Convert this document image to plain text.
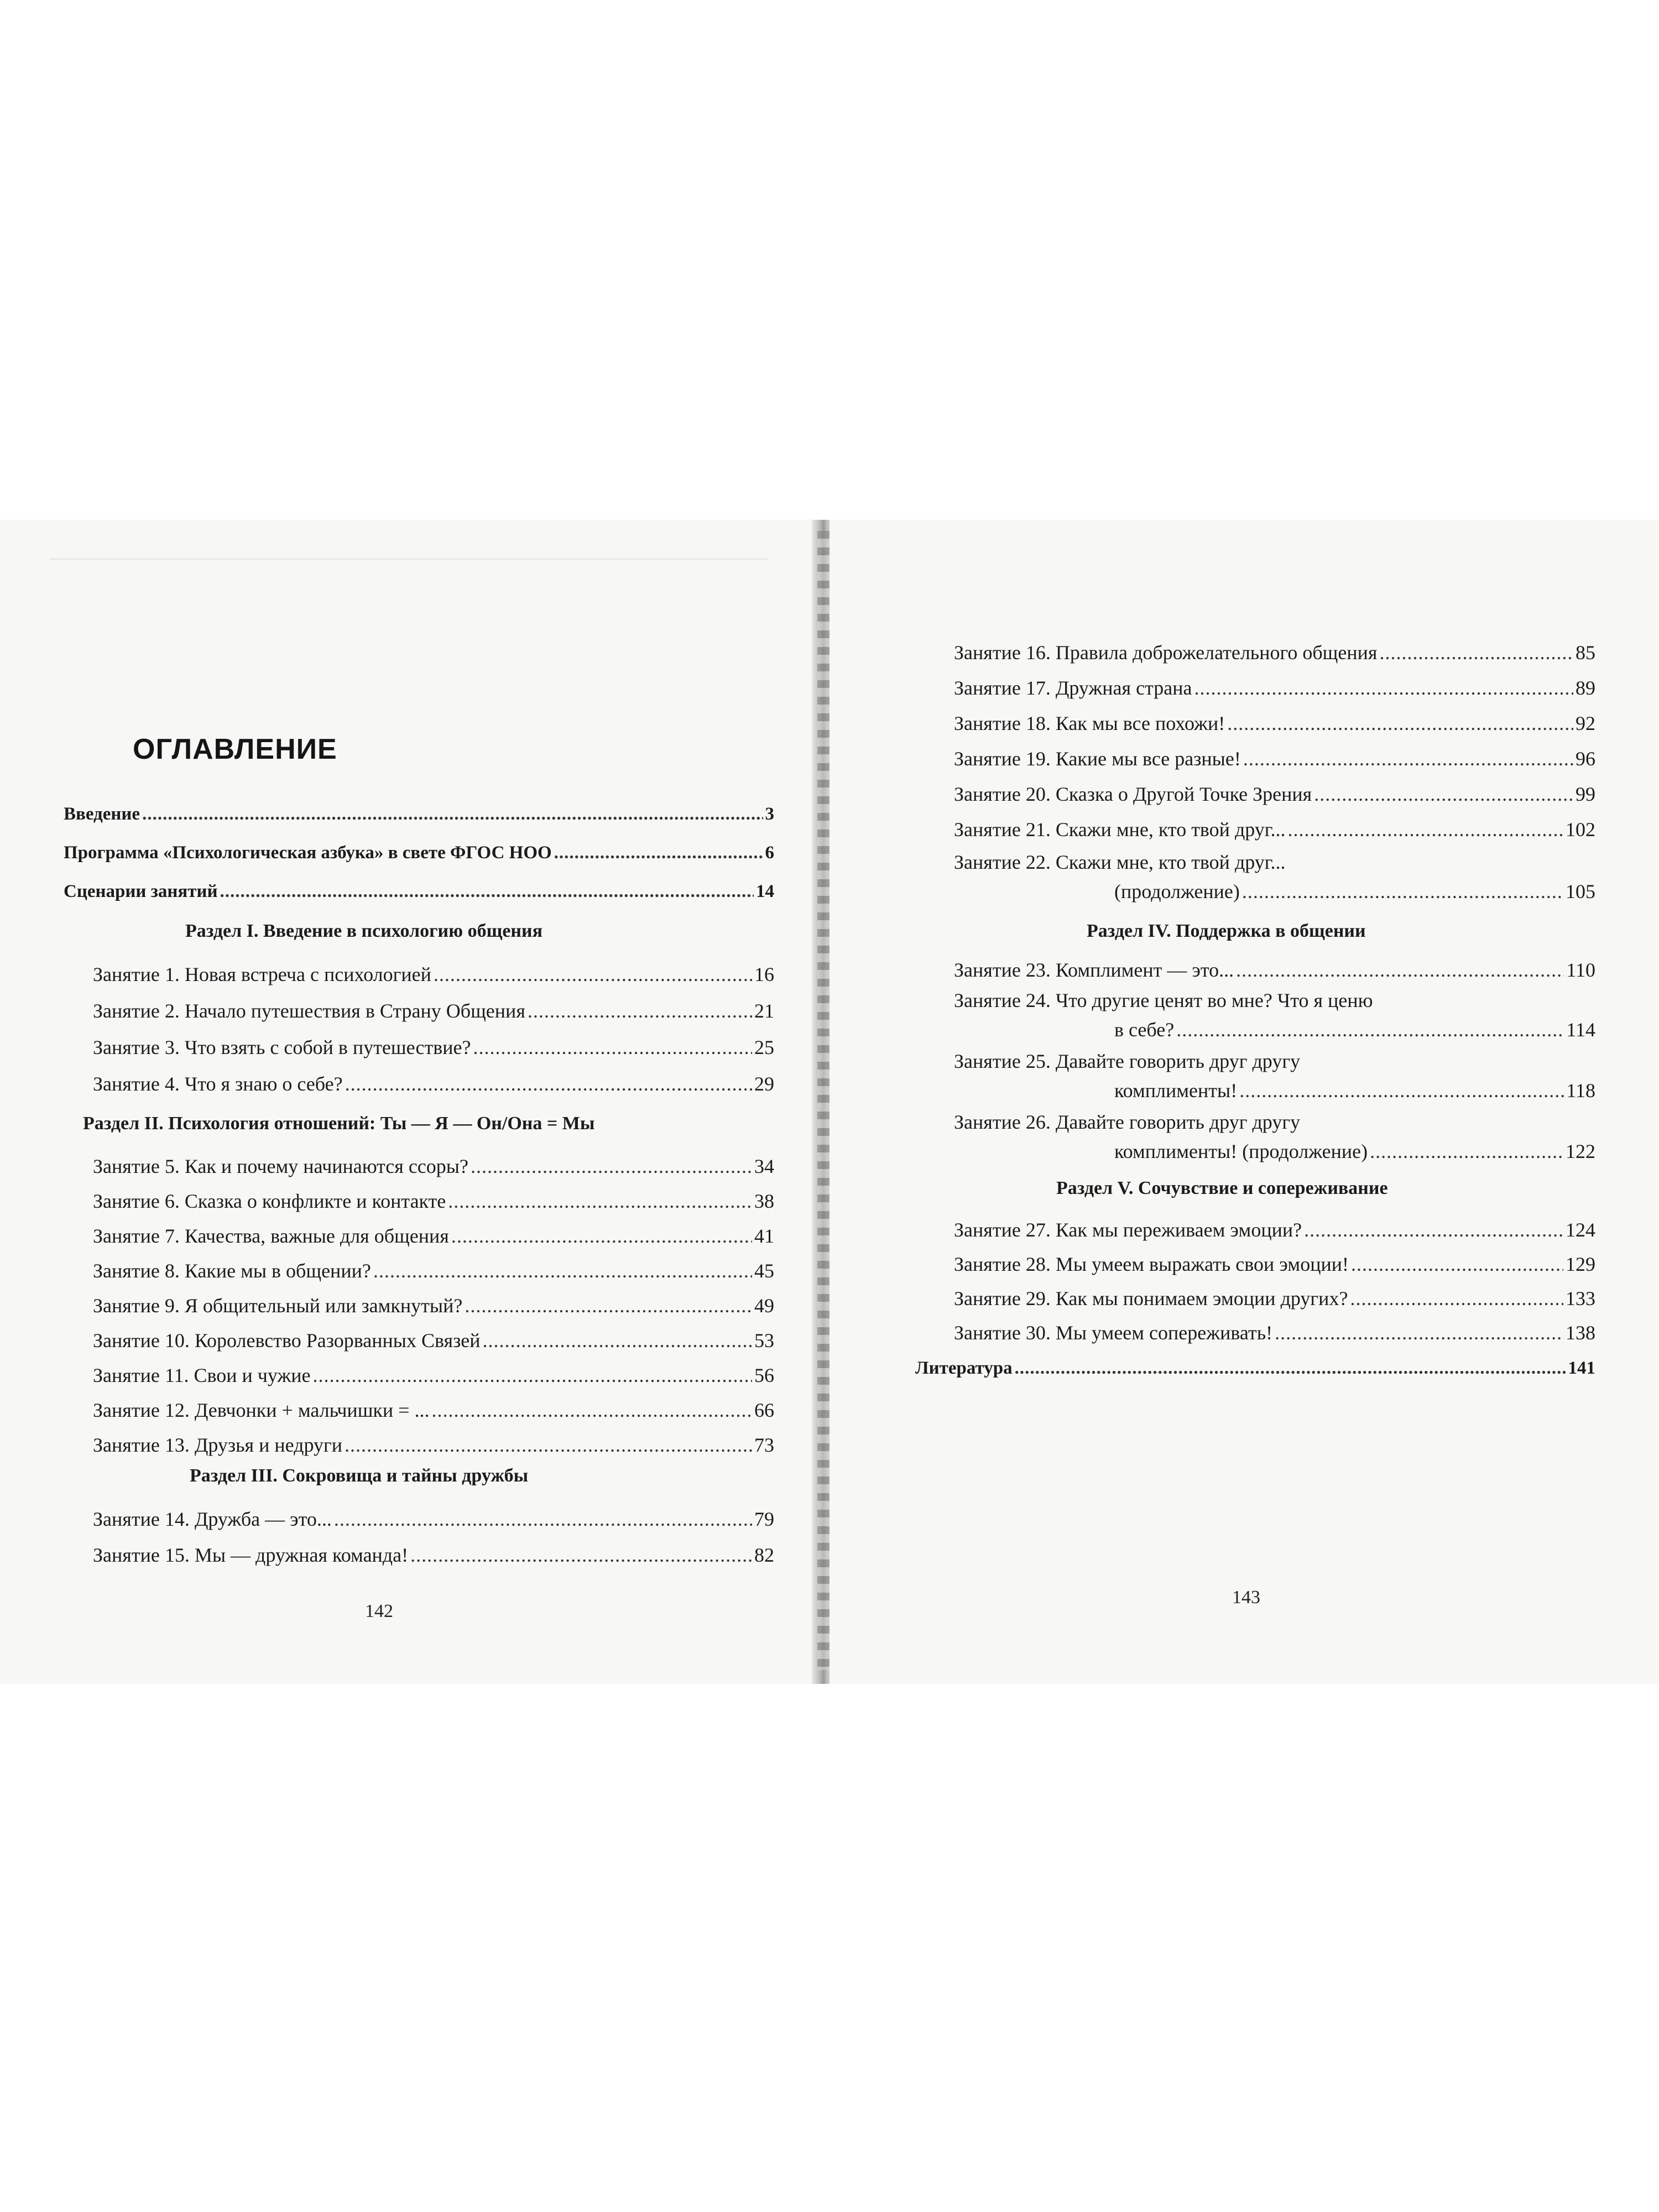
ОГЛАВЛЕНИЕ
Введение .....	3
Программа «Психологическая азбука» в свете ФГОС НОО .....	6
Сценарии занятий .....	14
Раздел I. Введение в психологию общения
Занятие 1. Новая встреча с психологией .....	16
Занятие 2. Начало путешествия в Страну Общения .....	21
Занятие 3. Что взять с собой в путешествие? .....	25
Занятие 4. Что я знаю о себе? .....	29
Раздел II. Психология отношений: Ты — Я — Он/Она = Мы
Занятие 5. Как и почему начинаются ссоры? .....	34
Занятие 6. Сказка о конфликте и контакте .....	38
Занятие 7. Качества, важные для общения .....	41
Занятие 8. Какие мы в общении? .....	45
Занятие 9. Я общительный или замкнутый? .....	49
Занятие 10. Королевство Разорванных Связей .....	53
Занятие 11. Свои и чужие .....	56
Занятие 12. Девчонки + мальчишки = ... .....	66
Занятие 13. Друзья и недруги .....	73
Раздел III. Сокровища и тайны дружбы
Занятие 14. Дружба — это... .....	79
Занятие 15. Мы — дружная команда! .....	82
142
Занятие 16. Правила доброжелательного общения .....	85
Занятие 17. Дружная страна .....	89
Занятие 18. Как мы все похожи! .....	92
Занятие 19. Какие мы все разные! .....	96
Занятие 20. Сказка о Другой Точке Зрения .....	99
Занятие 21. Скажи мне, кто твой друг... .....	102
Занятие 22. Скажи мне, кто твой друг...
(продолжение) .....	105
Раздел IV. Поддержка в общении
Занятие 23. Комплимент — это... .....	110
Занятие 24. Что другие ценят во мне? Что я ценю
в себе? .....	114
Занятие 25. Давайте говорить друг другу
комплименты! .....	118
Занятие 26. Давайте говорить друг другу
комплименты! (продолжение) .....	122
Раздел V. Сочувствие и сопереживание
Занятие 27. Как мы переживаем эмоции? .....	124
Занятие 28. Мы умеем выражать свои эмоции! .....	129
Занятие 29. Как мы понимаем эмоции других? .....	133
Занятие 30. Мы умеем сопереживать! .....	138
Литература .....	141
143
